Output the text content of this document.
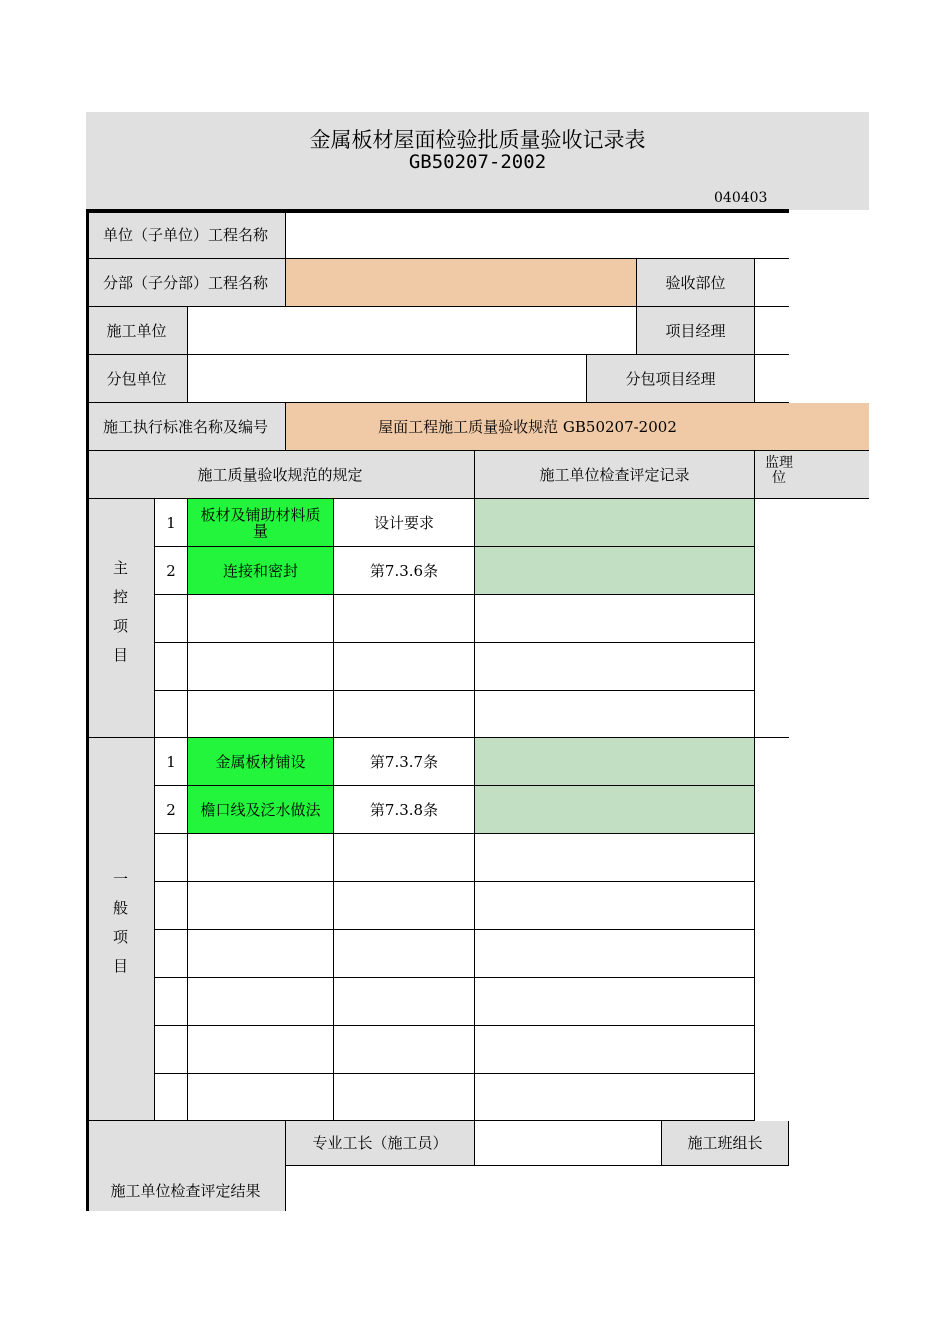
金属板材屋面检验批质量验收记录表
GB50207-2002
040403
单位（子单位）工程名称
分部（子分部）工程名称	验收部位
施工单位	项目经理
分包单位	分包项目经理
施工执行标准名称及编号	屋面工程施工质量验收规范 GB50207-2002
施工质量验收规范的规定	施工单位检查评定记录
监理
位
主控项目
1	板材及铺助材料质量	设计要求
2	连接和密封	第7.3.6条
一般项目
1	金属板材铺设	第7.3.7条
2	檐口线及泛水做法	第7.3.8条
施工单位检查评定结果
专业工长（施工员）	施工班组长
